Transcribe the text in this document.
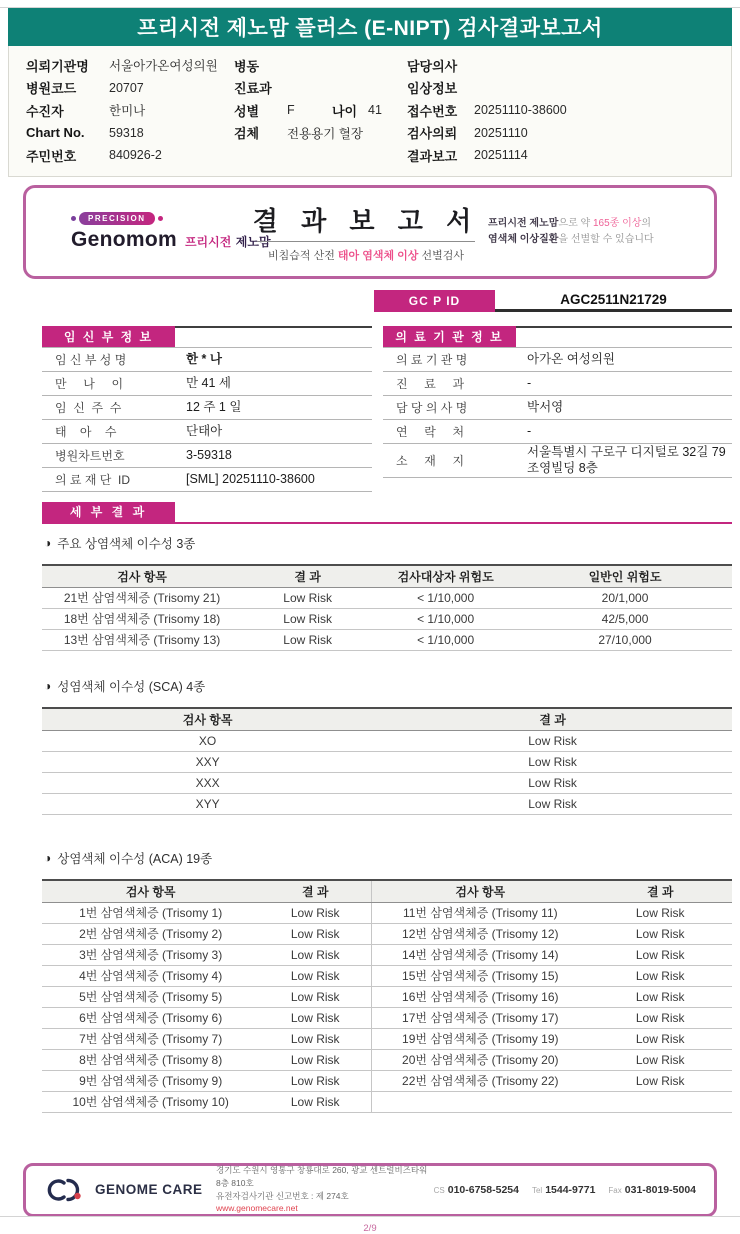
프리시전 제노맘 플러스 (E-NIPT) 검사결과보고서
의뢰기관명	서울아가온여성의원	병동	담당의사
병원코드	20707	진료과	임상정보
수진자	한미나	성별	F	나이 41	접수번호	20251110-38600
Chart No.	59318	검체	전용용기 혈장	검사의뢰	20251110
주민번호	840926-2	결과보고	20251114
PRECISION
Genomom 프리시전 제노맘
결 과 보 고 서
비침습적 산전 태아 염색체 이상 선별검사
프리시전 제노맘으로 약 165종 이상의
염색체 이상질환을 선별할 수 있습니다
GC P ID	AGC2511N21729
임 신 부 정 보
임 신 부 성 명	한 * 나
만     나     이	만 41 세
임  신  주  수	12 주 1 일
태    아    수	단태아
병원차트번호	3-59318
의 료 재 단  ID	[SML] 20251110-38600
의 료 기 관 정 보
의 료 기 관 명	아가온 여성의원
진     료     과	-
담 당 의 사 명	박서영
연     락     처	-
소     재     지
서울특별시 구로구 디지털로 32길 79 조영빌딩 8층
세 부 결 과
◑ 주요 상염색체 이수성 3종
검사 항목	결 과	검사대상자 위험도	일반인 위험도
21번 삼염색체증 (Trisomy 21)	Low Risk	< 1/10,000	20/1,000
18번 삼염색체증 (Trisomy 18)	Low Risk	< 1/10,000	42/5,000
13번 삼염색체증 (Trisomy 13)	Low Risk	< 1/10,000	27/10,000
◑ 성염색체 이수성 (SCA) 4종
검사 항목	결 과
XO	Low Risk
XXY	Low Risk
XXX	Low Risk
XYY	Low Risk
◑ 상염색체 이수성 (ACA) 19종
검사 항목	결 과	검사 항목	결 과
1번 삼염색체증 (Trisomy 1)	Low Risk	11번 삼염색체증 (Trisomy 11)	Low Risk
2번 삼염색체증 (Trisomy 2)	Low Risk	12번 삼염색체증 (Trisomy 12)	Low Risk
3번 삼염색체증 (Trisomy 3)	Low Risk	14번 삼염색체증 (Trisomy 14)	Low Risk
4번 삼염색체증 (Trisomy 4)	Low Risk	15번 삼염색체증 (Trisomy 15)	Low Risk
5번 삼염색체증 (Trisomy 5)	Low Risk	16번 삼염색체증 (Trisomy 16)	Low Risk
6번 삼염색체증 (Trisomy 6)	Low Risk	17번 삼염색체증 (Trisomy 17)	Low Risk
7번 삼염색체증 (Trisomy 7)	Low Risk	19번 삼염색체증 (Trisomy 19)	Low Risk
8번 삼염색체증 (Trisomy 8)	Low Risk	20번 삼염색체증 (Trisomy 20)	Low Risk
9번 삼염색체증 (Trisomy 9)	Low Risk	22번 삼염색체증 (Trisomy 22)	Low Risk
10번 삼염색체증 (Trisomy 10)	Low Risk
GENOME CARE
경기도 수원시 영통구 창룡대로 260, 광교 센트럴비즈타워 8층 810호
유전자검사기관 신고번호 : 제 274호
www.genomecare.net
CS 010-6758-5254 Tel 1544-9771 Fax 031-8019-5004
2/9
